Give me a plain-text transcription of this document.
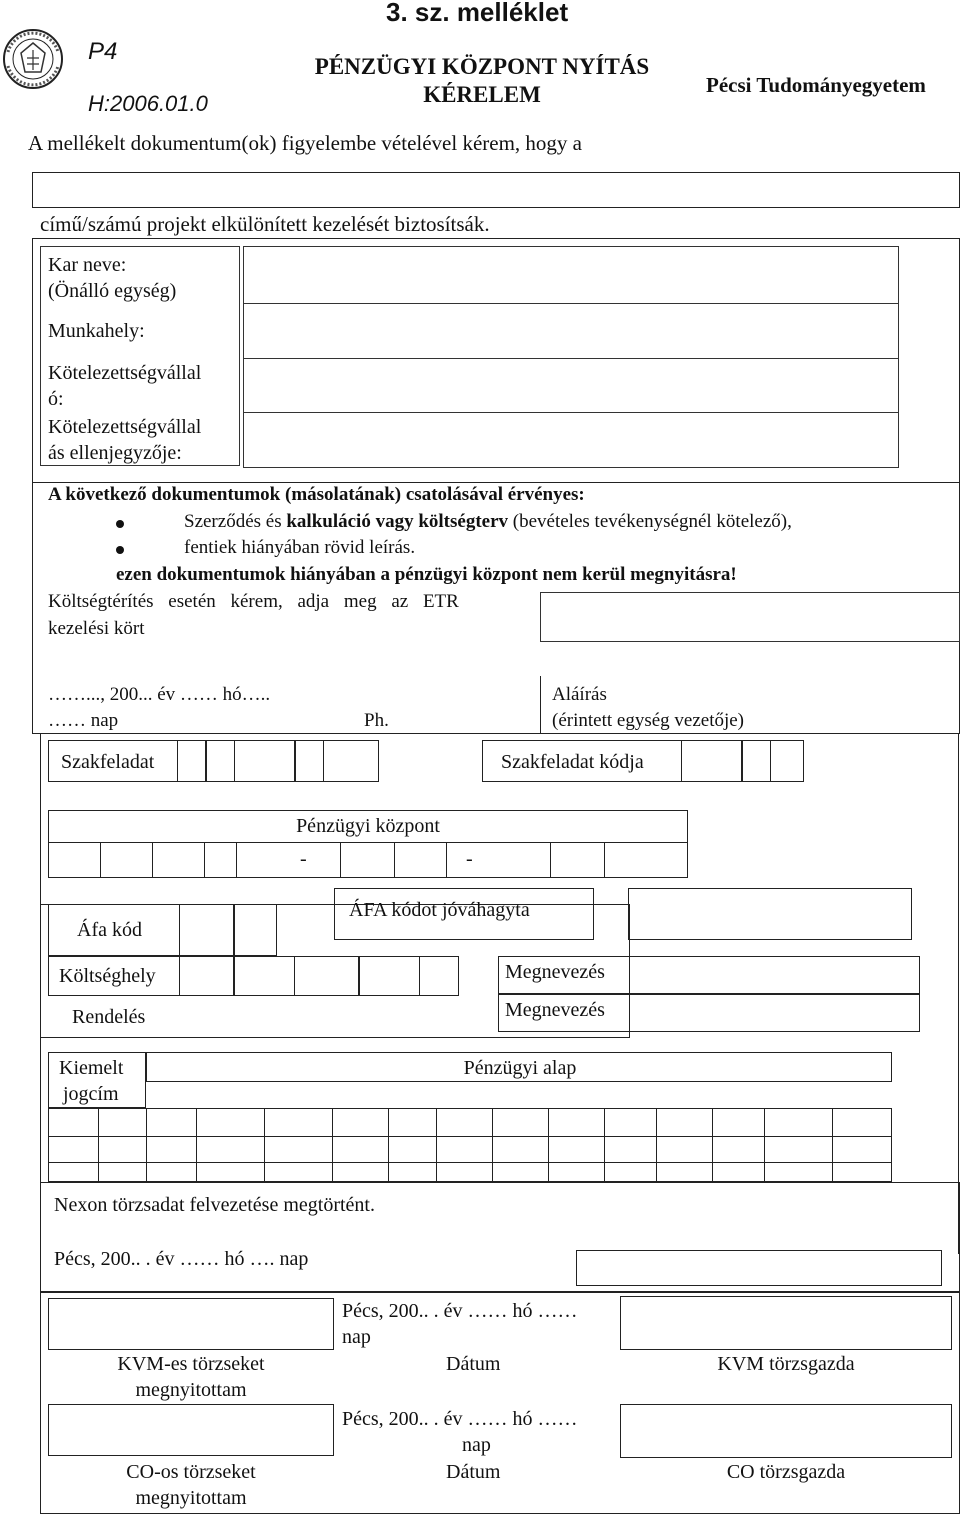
3. sz. melléklet
P4
H:2006.01.0
PÉNZÜGYI KÖZPONT NYÍTÁS
KÉRELEM	Pécsi Tudományegyetem
A mellékelt dokumentum(ok) figyelembe vételével kérem, hogy a
című/számú projekt elkülönített kezelését biztosítsák.
Kar neve:
(Önálló egység)
Munkahely:
Kötelezettségvállal
ó:
Kötelezettségvállal
ás ellenjegyzője:
A következő dokumentumok (másolatának) csatolásával érvényes:
Szerződés és kalkuláció vagy költségterv (bevételes tevékenységnél kötelező),
fentiek hiányában rövid leírás.
ezen dokumentumok hiányában a pénzügyi központ nem kerül megnyitásra!
Költségtérítés esetén kérem, adja meg az ETR
kezelési kört
……..., 200... év …… hó…..
…… nap	Ph.
Aláírás
(érintett egység vezetője)
Szakfeladat	Szakfeladat kódja
Pénzügyi központ
-	-
Áfa kód
ÁFA kódot jóváhagyta
Költséghely	Megnevezés
Rendelés	Megnevezés
Kiemelt
jogcím
Pénzügyi alap
Nexon törzsadat felvezetése megtörtént.
Pécs, 200.. . év …… hó …. nap
Pécs, 200.. . év …… hó ……
nap
KVM-es törzseket
megnyitottam
Dátum	KVM törzsgazda
Pécs, 200.. . év …… hó ……
nap
CO-os törzseket
megnyitottam
Dátum	CO törzsgazda
